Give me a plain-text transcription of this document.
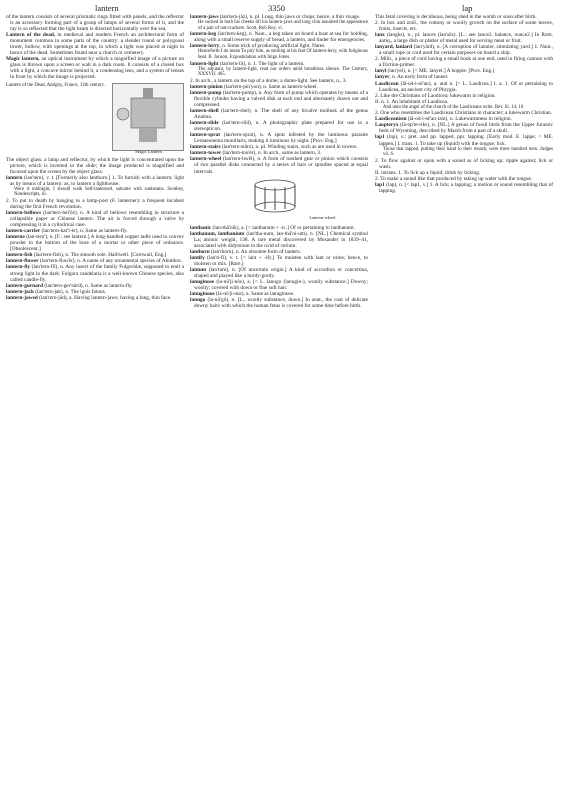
lantern	3350	lap

of the lantern consists of several prismatic rings fitted with panels, and the reflector is an accessory forming part of a group of lamps of several forms of it, and the ray is so reflected that the light beam is directed horizontally over the sea.

Lantern of the dead, in medieval and modern French an architectural form of monument common in some parts of the country: a slender round or polygonal tower, hollow, with openings at the top, in which a light was placed at night in honor of the dead. Sometimes found near a church or cemetery.

Magic lantern, an optical instrument by which a magnified image of a picture on glass is thrown upon a screen or wall in a dark room. It consists of a closed box with a light, a concave mirror behind it, a condensing lens, and a system of lenses in front by which the image is projected.

Lantern of the Dead, Antigny, France, 12th century.
Magic Lantern.

The object glass: a lamp and reflector, by which the light is concentrated upon the picture, which is inverted in the slide; the image produced is magnified and focused upon the screen by the object glass.

lantern (lan'tern), v. t. [Formerly also lanthorn.] 1. To furnish with a lantern; light as by means of a lantern: as, to lantern a lighthouse.

Were it midnight, I should walk Self-lanterned, saturate with sunbeams. Southey, Nondescripts, iii.

2. To put to death by hanging to a lamp-post (F. lanterner): a frequent incident during the first French revolution.

lantern-bellows (lan'tern-bel'ōz), n. A kind of bellows resembling in structure a collapsible paper or Chinese lantern. The air is forced through a valve by compressing it in a cylindrical case.

lantern-carrier (lan'tern-kar'i-ėr), n. Same as lantern-fly.

lanterne (lan-tern'), n. [F.: see lantern.] A long-handled copper ladle used to convey powder to the bottom of the bore of a mortar or other piece of ordnance. [Obsolescent.]

lantern-fish (lan'tern-fish), n. The smooth sole. Halliwell. [Cornwall, Eng.]

lantern-flower (lan'tern-flou'ėr), n. A name of any ornamental species of Abutilon.

lantern-fly (lan'tern-flī), n. Any insect of the family Fulgoridæ, supposed to emit a strong light in the dark. Fulgora candelaria is a well-known Chinese species, also called candle-fly.

lantern-gurnard (lan'tern-ger'närd), n. Same as lantern-fly.

lantern-jack (lan'tern-jak), n. The ignis fatuus.

lantern-jawed (lan'tern-jâd), a. Having lantern-jaws; having a long, thin face.

lantern-jaws (lan'tern-jâz), n. pl. Long, thin jaws or chops; hence, a thin visage.

He sucked in both his cheeks till his lantern-jaws and long chin assumed the appearance of a pair of nut-crackers. Scott, Rob Roy, vi.

lantern-keg (lan'tern-keg), n. Naut., a keg taken on board a boat at sea for holding, along with a small reserve supply of bread, a lantern, and tinder for emergencies.

lantern-lerry, n. Some trick of producing artificial light. Nares.

Henceforth I do mean To pity him, as smiling at his feat Of lantern-lerry, with fuliginous heat. B. Jonson, Expostulation with Inigo Jones.

lantern-light (lan'tern-līt), n. 1. The light of a lantern.

The adjutant, by lantern-light, read our orders amid breathless silence. The Century, XXXVII. 465.

2. In arch., a lantern on the top of a dome; a dome-light. See lantern, n., 3.

lantern-pinion (lan'tern-pin'yon), n. Same as lantern-wheel.

lantern-pump (lan'tern-pump), n. Any form of pump which operates by means of a flexible cylinder having a valved disk at each end and alternately drawn out and compressed.

lantern-shell (lan'tern-shel), n. The shell of any bivalve mollusk of the genus Anatina.

lantern-slide (lan'tern-slīd), n. A photographic plate prepared for use in a stereopticon.

lantern-sprat (lan'tern-sprat), n. A sprat infested by the luminous parasite Lernaeonema monillaris, making it luminous by night. [Prov. Eng.]

lantern-stairs (lan'tern-stârz), n. pl. Winding stairs, such as are used in towers.

lantern-tower (lan'tern-tou'ėr), n. In arch., same as lantern, 3.

lantern-wheel (lan'tern-hwēl), n. A form of toothed gear or pinion which consists of two parallel disks connected by a series of bars or spindles spaced at equal intervals.

Lantern-wheel.

lanthanic (lan-thā'nik), a. [< lanthanum + -ic.] Of or pertaining to lanthanum.

lanthanum, lanthanium (lan'tha-num, lan-thā'ni-um), n. [NL.] Chemical symbol La; atomic weight, 138. A rare metal discovered by Mosander in 1839–41, associated with didymium in the oxid of cerium.

lanthorn (lan'thorn), n. An obsolete form of lantern.

lantify (lan'ti-fī), v. t. [< lant + -ify.] To moisten with lant or urine; hence, to moisten or mix. [Rare.]

lantum (lan'tum), n. [Of uncertain origin.] A kind of accordion or concertina, shaped and played like a hurdy-gurdy.

lanuginose (la-nū'ji-nōs), a. [< L. lanugo (lanugin-), woolly substance.] Downy; woolly; covered with down or fine soft hair.

lanuginous (la-nū'ji-nus), a. Same as lanuginose.

lanugo (la-nū'gō), n. [L., woolly substance, down.] In anat., the coat of delicate downy hairs with which the human fetus is covered for some time before birth.

This fetal covering is deciduous, being shed in the womb or soon after birth.

2. In bot. and zoöl., the cottony or woolly growth on the surface of some leaves, fruits, insects, etc.

lanx (langks), n.; pl. lances (lan'sēz). [L.: see lance2, balance, ounce2.] In Rom. antiq., a large dish or platter of metal used for serving meat or fruit.

lanyard, laniard (lan'yärd), n. [A corruption of lannier, simulating yard.] 1. Naut., a small rope or cord used for certain purposes on board a ship.

2. Milit., a piece of cord having a small hook at one end, used in firing cannon with a friction-primer.

lanyl (lan'yel), n. [< ME. lanyel.] A hopple. [Prov. Eng.]

lanyer, n. An early form of lanner.

Laodicean (lā-od-i-sē'an), a. and n. [< L. Laodicea.] I. a. 1. Of or pertaining to Laodicea, an ancient city of Phrygia.

2. Like the Christians of Laodicea; lukewarm in religion.

II. n. 1. An inhabitant of Laodicea.

And unto the angel of the church of the Laodiceans write. Rev. iii. 14, 16.

2. One who resembles the Laodicean Christians in character; a lukewarm Christian.

Laodiceanism (lā-od-i-sē'an-izm), n. Lukewarmness in religion.

Laopteryx (lā-op'te-riks), n. [NL.] A genus of fossil birds from the Upper Jurassic beds of Wyoming, described by Marsh from a part of a skull.

lap1 (lap), v.; pret. and pp. lapped, ppr. lapping. [Early mod. E. lappe; < ME. lappen.] I. trans. 1. To take up (liquid) with the tongue; lick.

Those that lapped, putting their hand to their mouth, were three hundred men. Judges vii. 6.

2. To flow against or upon with a sound as of licking up; ripple against; lick or wash.

II. intrans. 1. To lick up a liquid; drink by licking.

2. To make a sound like that produced by taking up water with the tongue.

lap1 (lap), n. [< lap1, v.] 1. A lick; a lapping; a motion or sound resembling that of lapping.
